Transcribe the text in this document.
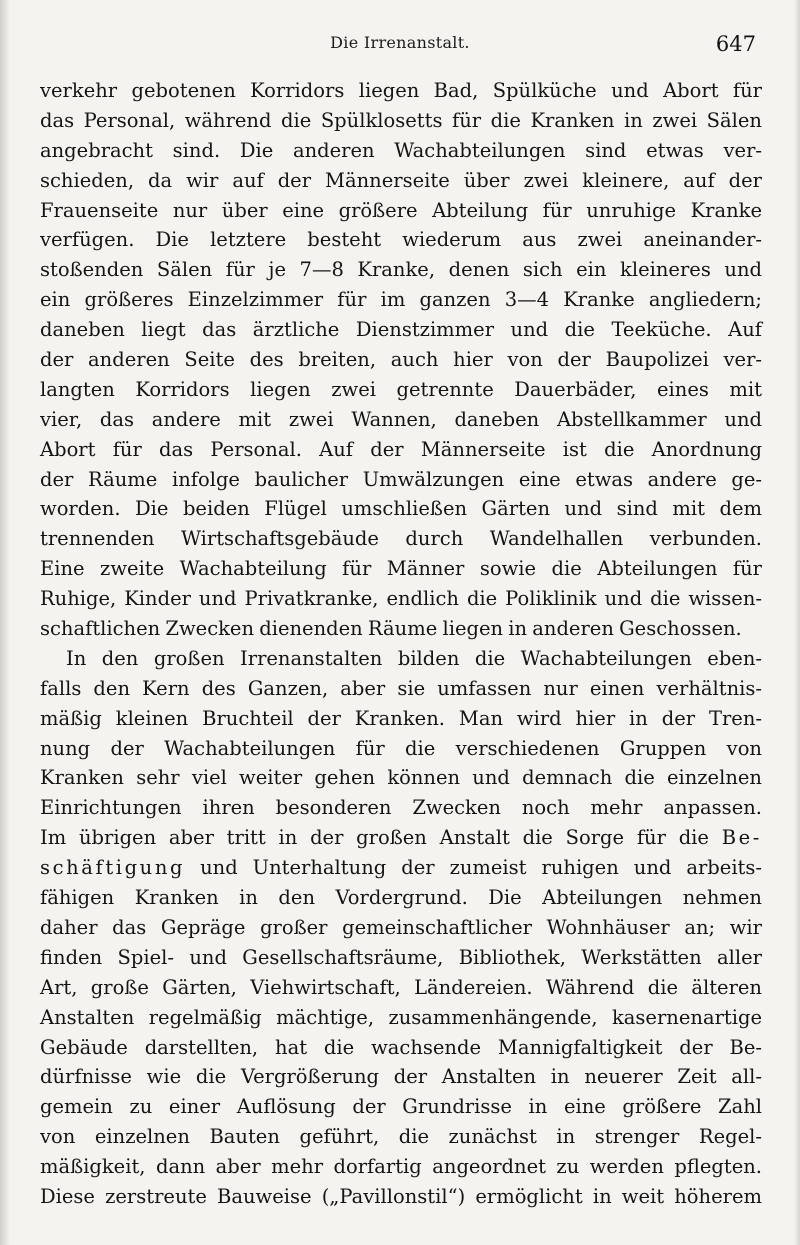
Die Irrenanstalt.	647
verkehr gebotenen Korridors liegen Bad, Spülküche und Abort für
das Personal, während die Spülklosetts für die Kranken in zwei Sälen
angebracht sind. Die anderen Wachabteilungen sind etwas ver-
schieden, da wir auf der Männerseite über zwei kleinere, auf der
Frauenseite nur über eine größere Abteilung für unruhige Kranke
verfügen. Die letztere besteht wiederum aus zwei aneinander-
stoßenden Sälen für je 7—8 Kranke, denen sich ein kleineres und
ein größeres Einzelzimmer für im ganzen 3—4 Kranke angliedern;
daneben liegt das ärztliche Dienstzimmer und die Teeküche. Auf
der anderen Seite des breiten, auch hier von der Baupolizei ver-
langten Korridors liegen zwei getrennte Dauerbäder, eines mit
vier, das andere mit zwei Wannen, daneben Abstellkammer und
Abort für das Personal. Auf der Männerseite ist die Anordnung
der Räume infolge baulicher Umwälzungen eine etwas andere ge-
worden. Die beiden Flügel umschließen Gärten und sind mit dem
trennenden Wirtschaftsgebäude durch Wandelhallen verbunden.
Eine zweite Wachabteilung für Männer sowie die Abteilungen für
Ruhige, Kinder und Privatkranke, endlich die Poliklinik und die wissen-
schaftlichen Zwecken dienenden Räume liegen in anderen Geschossen.
In den großen Irrenanstalten bilden die Wachabteilungen eben-
falls den Kern des Ganzen, aber sie umfassen nur einen verhältnis-
mäßig kleinen Bruchteil der Kranken. Man wird hier in der Tren-
nung der Wachabteilungen für die verschiedenen Gruppen von
Kranken sehr viel weiter gehen können und demnach die einzelnen
Einrichtungen ihren besonderen Zwecken noch mehr anpassen.
Im übrigen aber tritt in der großen Anstalt die Sorge für die Be-
schäftigung und Unterhaltung der zumeist ruhigen und arbeits-
fähigen Kranken in den Vordergrund. Die Abteilungen nehmen
daher das Gepräge großer gemeinschaftlicher Wohnhäuser an; wir
finden Spiel- und Gesellschaftsräume, Bibliothek, Werkstätten aller
Art, große Gärten, Viehwirtschaft, Ländereien. Während die älteren
Anstalten regelmäßig mächtige, zusammenhängende, kasernenartige
Gebäude darstellten, hat die wachsende Mannigfaltigkeit der Be-
dürfnisse wie die Vergrößerung der Anstalten in neuerer Zeit all-
gemein zu einer Auflösung der Grundrisse in eine größere Zahl
von einzelnen Bauten geführt, die zunächst in strenger Regel-
mäßigkeit, dann aber mehr dorfartig angeordnet zu werden pflegten.
Diese zerstreute Bauweise („Pavillonstil“) ermöglicht in weit höherem
